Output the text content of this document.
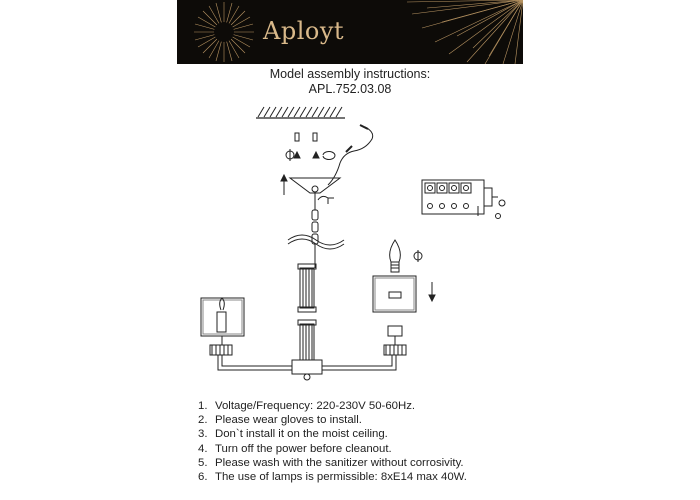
Aployt
Model assembly instructions:
APL.752.03.08
1. Voltage/Frequency: 220-230V 50-60Hz.
2. Please wear gloves to install.
3. Don`t install it on the moist ceiling.
4. Turn off the power before cleanout.
5. Please wash with the sanitizer without corrosivity.
6. The use of lamps is permissible: 8xE14 max 40W.
